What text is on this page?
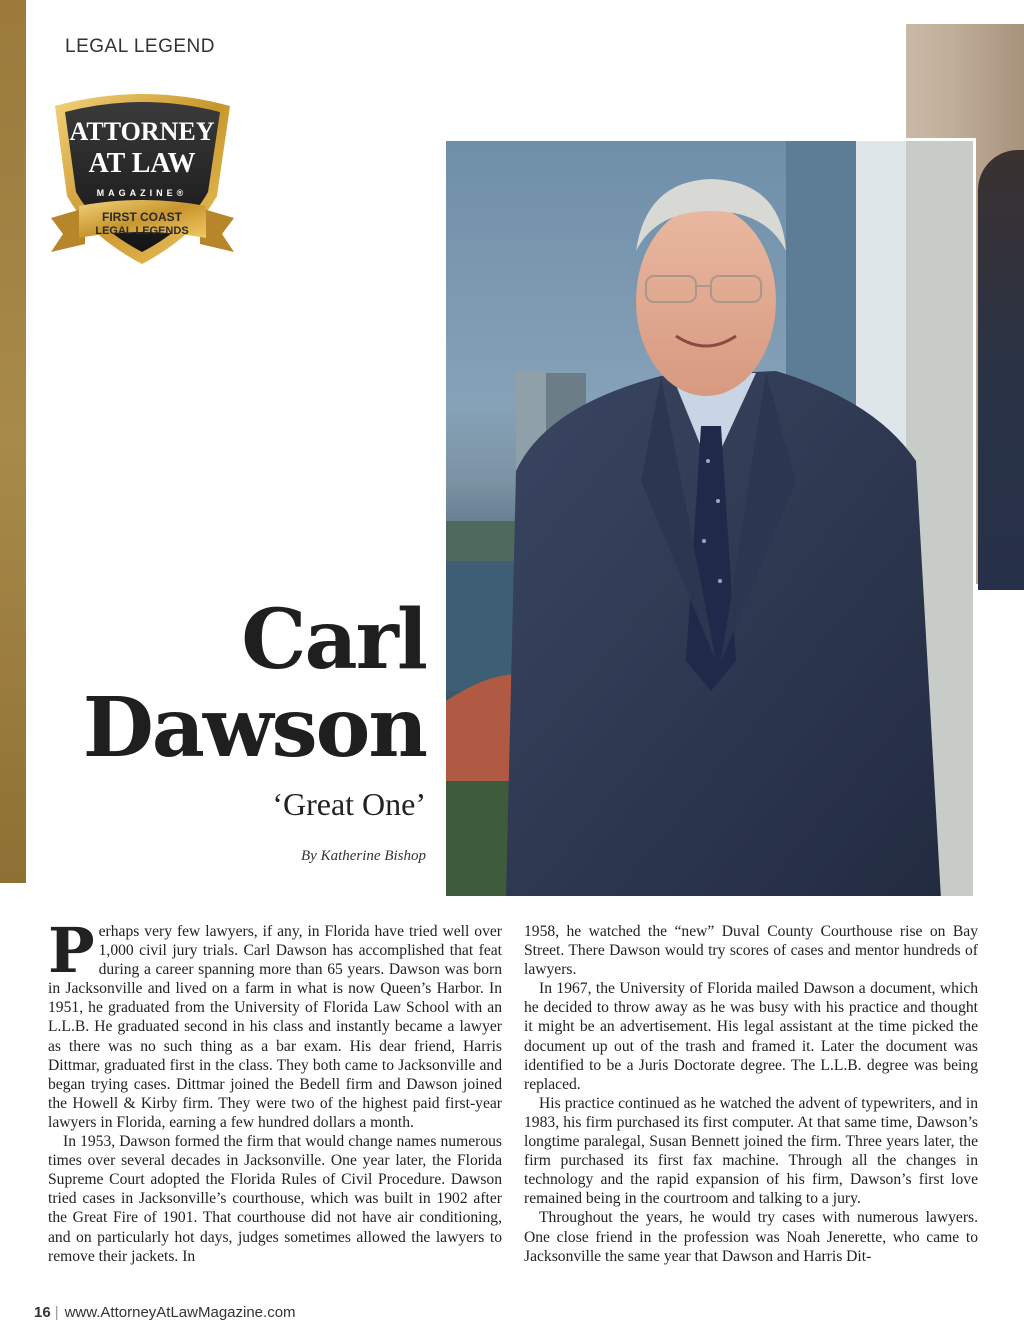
LEGAL LEGEND
ATTORNEY
AT LAW
MAGAZINE®
FIRST COAST
LEGAL LEGENDS
Carl
Dawson
‘Great One’
By Katherine Bishop

Perhaps very few lawyers, if any, in Florida have tried well over 1,000 civil jury trials. Carl Dawson has accomplished that feat during a career spanning more than 65 years. Dawson was born in Jacksonville and lived on a farm in what is now Queen’s Harbor. In 1951, he graduated from the University of Florida Law School with an L.L.B. He graduated second in his class and instantly became a lawyer as there was no such thing as a bar exam. His dear friend, Harris Dittmar, graduated first in the class. They both came to Jacksonville and began trying cases. Dittmar joined the Bedell firm and Dawson joined the Howell & Kirby firm. They were two of the highest paid first-year lawyers in Florida, earning a few hundred dollars a month.

In 1953, Dawson formed the firm that would change names numerous times over several decades in Jacksonville. One year later, the Florida Supreme Court adopted the Florida Rules of Civil Procedure. Dawson tried cases in Jacksonville’s courthouse, which was built in 1902 after the Great Fire of 1901. That courthouse did not have air conditioning, and on particularly hot days, judges sometimes allowed the lawyers to remove their jackets. In

1958, he watched the “new” Duval County Courthouse rise on Bay Street. There Dawson would try scores of cases and mentor hundreds of lawyers.

In 1967, the University of Florida mailed Dawson a document, which he decided to throw away as he was busy with his practice and thought it might be an advertisement. His legal assistant at the time picked the document up out of the trash and framed it. Later the document was identified to be a Juris Doctorate degree. The L.L.B. degree was being replaced.

His practice continued as he watched the advent of typewriters, and in 1983, his firm purchased its first computer. At that same time, Dawson’s longtime paralegal, Susan Bennett joined the firm. Three years later, the firm purchased its first fax machine. Through all the changes in technology and the rapid expansion of his firm, Dawson’s first love remained being in the courtroom and talking to a jury.

Throughout the years, he would try cases with numerous lawyers. One close friend in the profession was Noah Jenerette, who came to Jacksonville the same year that Dawson and Harris Dit-

16 | www.AttorneyAtLawMagazine.com
